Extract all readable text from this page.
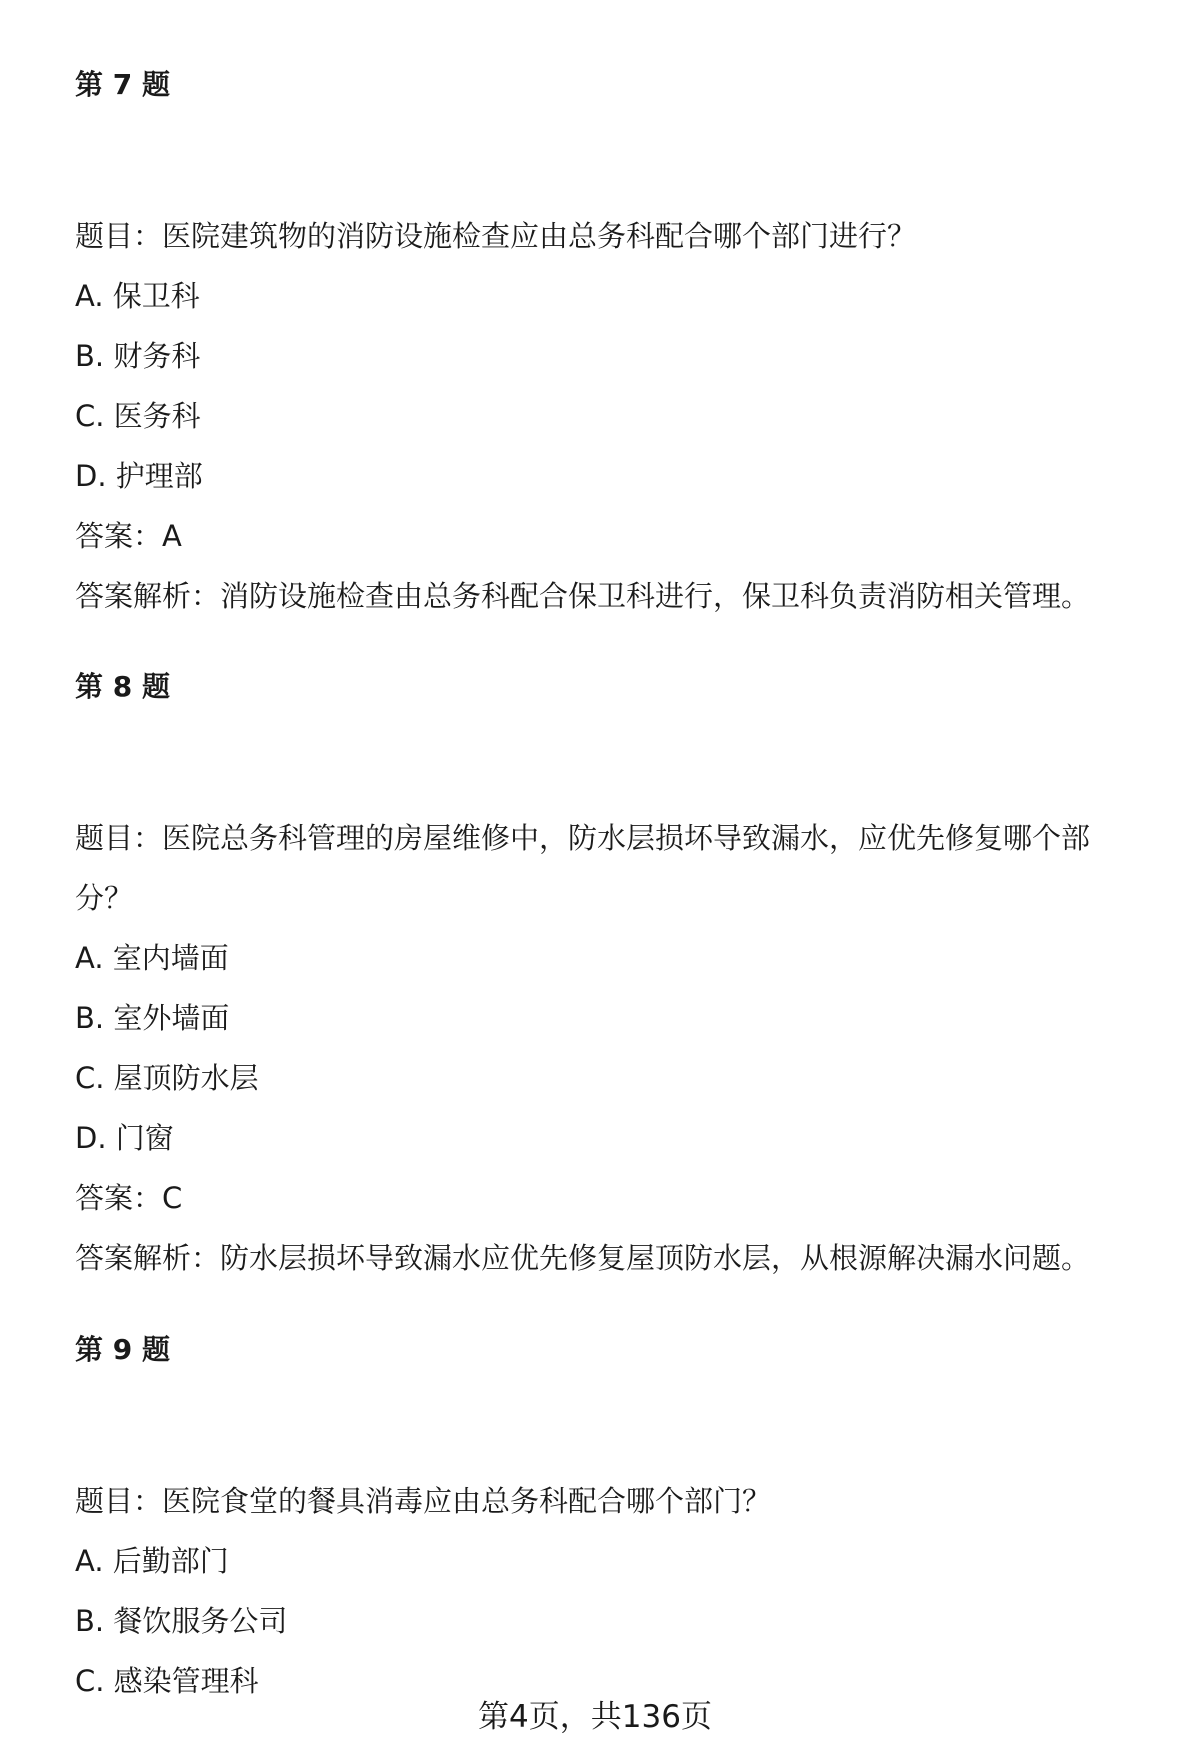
第 7 题
题目：医院建筑物的消防设施检查应由总务科配合哪个部门进行？
A. 保卫科
B. 财务科
C. 医务科
D. 护理部
答案：A
答案解析：消防设施检查由总务科配合保卫科进行，保卫科负责消防相关管理。
第 8 题
题目：医院总务科管理的房屋维修中，防水层损坏导致漏水，应优先修复哪个部
分？
A. 室内墙面
B. 室外墙面
C. 屋顶防水层
D. 门窗
答案：C
答案解析：防水层损坏导致漏水应优先修复屋顶防水层，从根源解决漏水问题。
第 9 题
题目：医院食堂的餐具消毒应由总务科配合哪个部门？
A. 后勤部门
B. 餐饮服务公司
C. 感染管理科
第4页，共136页
